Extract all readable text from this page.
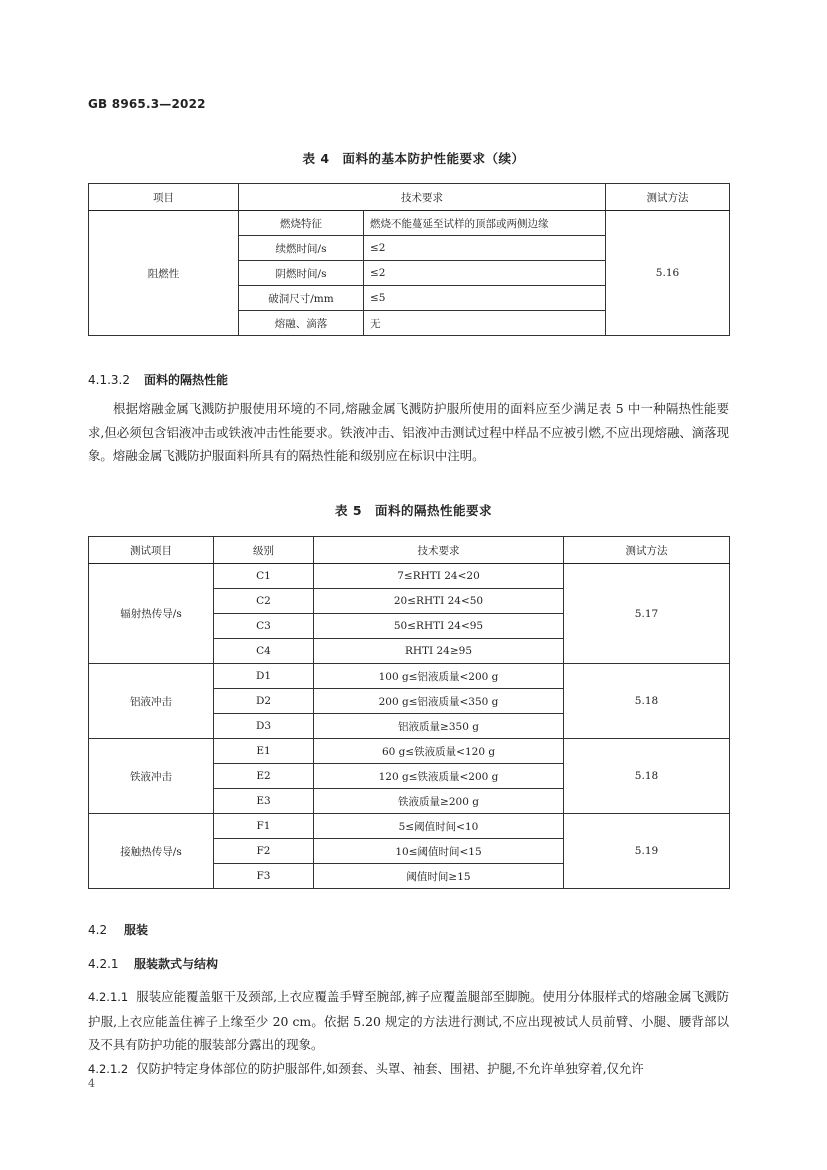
GB 8965.3—2022
表 4　面料的基本防护性能要求（续）
项目	技术要求		测试方法
阻燃性	燃烧特征	燃烧不能蔓延至试样的顶部或两侧边缘	5.16
	续燃时间/s	≤2	
	阴燃时间/s	≤2	
	破洞尺寸/mm	≤5	
	熔融、滴落	无	
4.1.3.2 面料的隔热性能

根据熔融金属飞溅防护服使用环境的不同,熔融金属飞溅防护服所使用的面料应至少满足表 5 中一种隔热性能要求,但必须包含铝液冲击或铁液冲击性能要求。铁液冲击、铝液冲击测试过程中样品不应被引燃,不应出现熔融、滴落现象。熔融金属飞溅防护服面料所具有的隔热性能和级别应在标识中注明。

表 5　面料的隔热性能要求
测试项目	级别	技术要求	测试方法
辐射热传导/s	C1	7≤RHTI 24<20	5.17
	C2	20≤RHTI 24<50	
	C3	50≤RHTI 24<95	
	C4	RHTI 24≥95	
铝液冲击	D1	100 g≤铝液质量<200 g	5.18
	D2	200 g≤铝液质量<350 g	
	D3	铝液质量≥350 g	
铁液冲击	E1	60 g≤铁液质量<120 g	5.18
	E2	120 g≤铁液质量<200 g	
	E3	铁液质量≥200 g	
接触热传导/s	F1	5≤阈值时间<10	5.19
	F2	10≤阈值时间<15	
	F3	阈值时间≥15	
4.2 服装
4.2.1 服装款式与结构

4.2.1.1 服装应能覆盖躯干及颈部,上衣应覆盖手臂至腕部,裤子应覆盖腿部至脚腕。使用分体服样式的熔融金属飞溅防护服,上衣应能盖住裤子上缘至少 20 cm。依据 5.20 规定的方法进行测试,不应出现被试人员前臂、小腿、腰背部以及不具有防护功能的服装部分露出的现象。

4.2.1.2 仅防护特定身体部位的防护服部件,如颈套、头罩、袖套、围裙、护腿,不允许单独穿着,仅允许

4
